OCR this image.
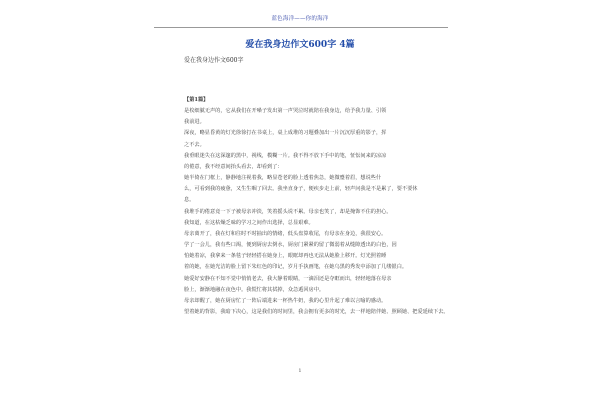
蓝色海洋——你的海洋
爱在我身边作文600字 4篇
爱在我身边作文600字

【第1篇】

是枚细腻无声的，它从我们在开嗓子发出第一声哭泣时就陪在我身边，给予我力量、引领

我前进。

深夜，略显昏黄的灯光徐徐打在书桌上，桌上成堆的习题叠加出一片沉沉厚重的影子，挥

之不去。

我垂眼迷失在这深邃的黑中，视线，模糊一片。我不得不放下手中的笔，怔忪间来的凉凉

的倦意，我不经意间抬头看去，却看到了：

她半倚在门框上，静静地注视着我，略显苍老的脸上透着焦急，她微蹙着眉，想说些什

么，可看到我的疲惫，又生生咽了回去。我坐直身子，便疾步走上前，轻声问我是不是累了，要不要休

息。

我堆手的倦意竟一下子被母亲冲淡，笑着摇头说不累。母亲也笑了，却是掩饰不住的担心。

我知道，在这枯燥乏味的学习之间作出选择，总显艰难。

母亲离开了，我在灯和往时不时抽出的情绪，低头盘算收尾，有母亲在身边，我很安心。

学了一会儿，我有些口渴，便到厨房去倒水，厨房门紧紧的留了微弱着从缝隙透出的白色，因

怕她着凉，我拿来一条毯子轻轻搭在她身上，眼眶却再也无法从她脸上移开。灯光照着睡

着的她，在她光洁的脸上留下朱红色的印记，岁月手执画笔，在她乌黑的秀发中添加了几缕银白。

她爱好安静在不知不觉中悄悄老去，我大静着眼睛，一滴泪还是夺眶而出，轻轻地落在母亲

脸上，渐渐地融在夜色中。我慌忙将其拭掉，众急遁回房中。

母亲却醒了，她在厨房忙了一阵后端进来一杯热牛奶，我的心里升起了难以言喻的感动。

望着她的背影，我暗下决心，这是我们的时间里，我会拥有更多的时光，去一样地陪伴她、照顾她、把爱延续下去。

1
